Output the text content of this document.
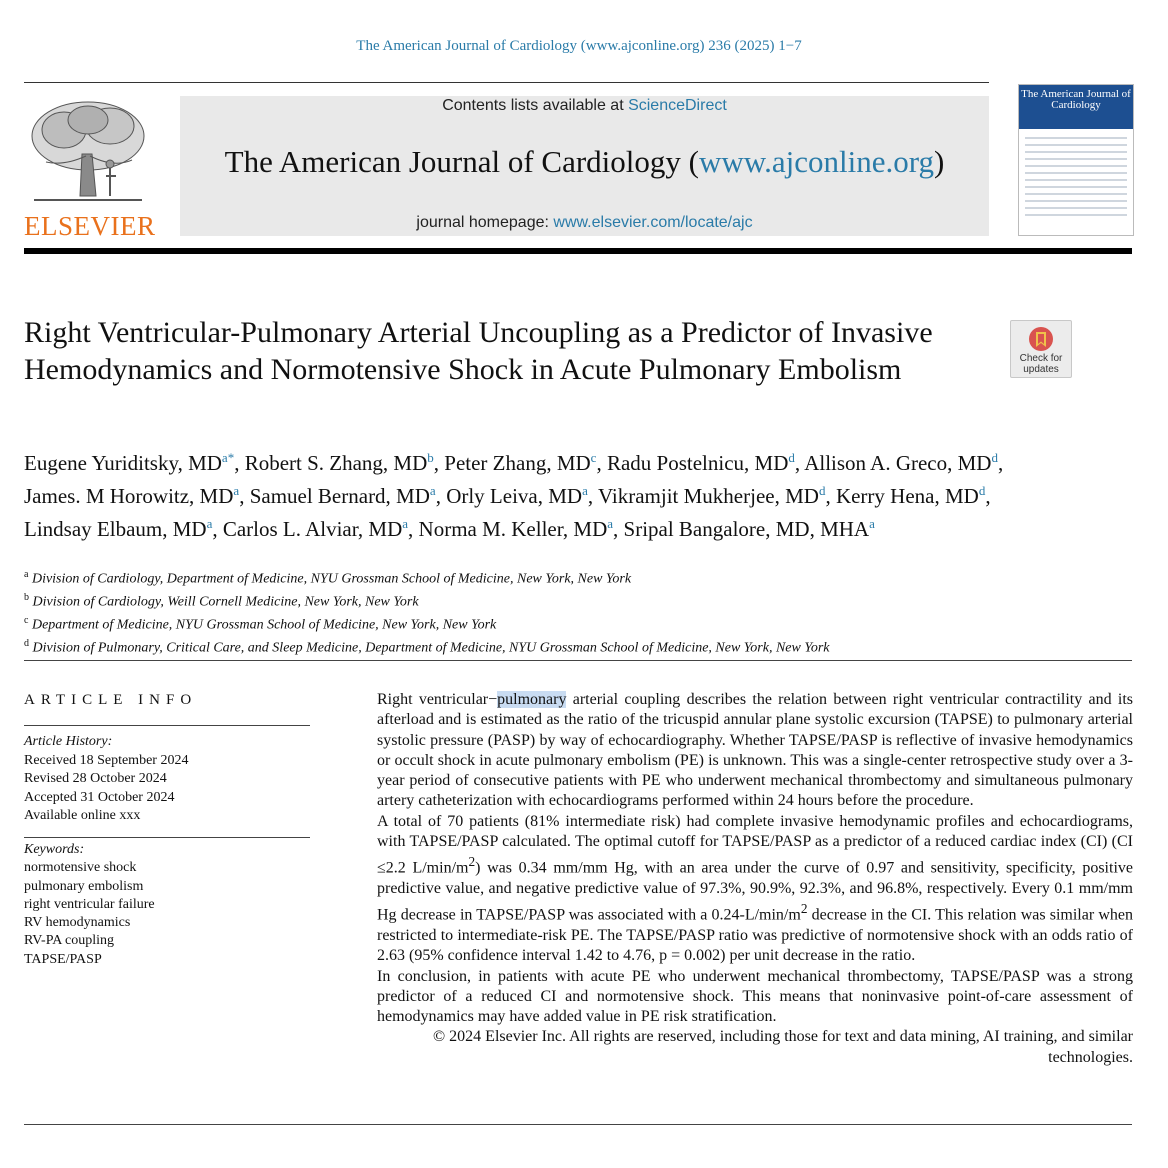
The American Journal of Cardiology (www.ajconline.org) 236 (2025) 1−7
ELSEVIER
Contents lists available at ScienceDirect
The American Journal of Cardiology (www.ajconline.org)
journal homepage: www.elsevier.com/locate/ajc
The American Journal of Cardiology
Right Ventricular-Pulmonary Arterial Uncoupling as a Predictor of Invasive Hemodynamics and Normotensive Shock in Acute Pulmonary Embolism	Check for updates
Eugene Yuriditsky, MD$^{a*}$, Robert S. Zhang, MD$^b$, Peter Zhang, MD$^c$, Radu Postelnicu, MD$^d$, Allison A. Greco, MD$^d$, James. M Horowitz, MD$^a$, Samuel Bernard, MD$^a$, Orly Leiva, MD$^a$, Vikramjit Mukherjee, MD$^d$, Kerry Hena, MD$^d$, Lindsay Elbaum, MD$^a$, Carlos L. Alviar, MD$^a$, Norma M. Keller, MD$^a$, Sripal Bangalore, MD, MHA$^a$
$^a$ Division of Cardiology, Department of Medicine, NYU Grossman School of Medicine, New York, New York
$^b$ Division of Cardiology, Weill Cornell Medicine, New York, New York
$^c$ Department of Medicine, NYU Grossman School of Medicine, New York, New York
$^d$ Division of Pulmonary, Critical Care, and Sleep Medicine, Department of Medicine, NYU Grossman School of Medicine, New York, New York
ARTICLE INFO
Article History:
Received 18 September 2024
Revised 28 October 2024
Accepted 31 October 2024
Available online xxx
Keywords:
normotensive shock
pulmonary embolism
right ventricular failure
RV hemodynamics
RV-PA coupling
TAPSE/PASP

Right ventricular−pulmonary arterial coupling describes the relation between right ventricular contractility and its afterload and is estimated as the ratio of the tricuspid annular plane systolic excursion (TAPSE) to pulmonary arterial systolic pressure (PASP) by way of echocardiography. Whether TAPSE/PASP is reflective of invasive hemodynamics or occult shock in acute pulmonary embolism (PE) is unknown. This was a single-center retrospective study over a 3-year period of consecutive patients with PE who underwent mechanical thrombectomy and simultaneous pulmonary artery catheterization with echocardiograms performed within 24 hours before the procedure.

A total of 70 patients (81% intermediate risk) had complete invasive hemodynamic profiles and echocardiograms, with TAPSE/PASP calculated. The optimal cutoff for TAPSE/PASP as a predictor of a reduced cardiac index (CI) (CI ≤2.2 $L/\min/m^2$) was 0.34 mm/mm Hg, with an area under the curve of 0.97 and sensitivity, specificity, positive predictive value, and negative predictive value of 97.3%, 90.9%, 92.3%, and 96.8%, respectively. Every 0.1 mm/mm Hg decrease in TAPSE/PASP was associated with a $0.24-L/\min/m^2$ decrease in the CI. This relation was similar when restricted to intermediate-risk PE. The TAPSE/PASP ratio was predictive of normotensive shock with an odds ratio of 2.63 (95% confidence interval 1.42 to 4.76, p = 0.002) per unit decrease in the ratio.

In conclusion, in patients with acute PE who underwent mechanical thrombectomy, TAPSE/PASP was a strong predictor of a reduced CI and normotensive shock. This means that noninvasive point-of-care assessment of hemodynamics may have added value in PE risk stratification.

© 2024 Elsevier Inc. All rights are reserved, including those for text and data mining, AI training, and similar technologies.
